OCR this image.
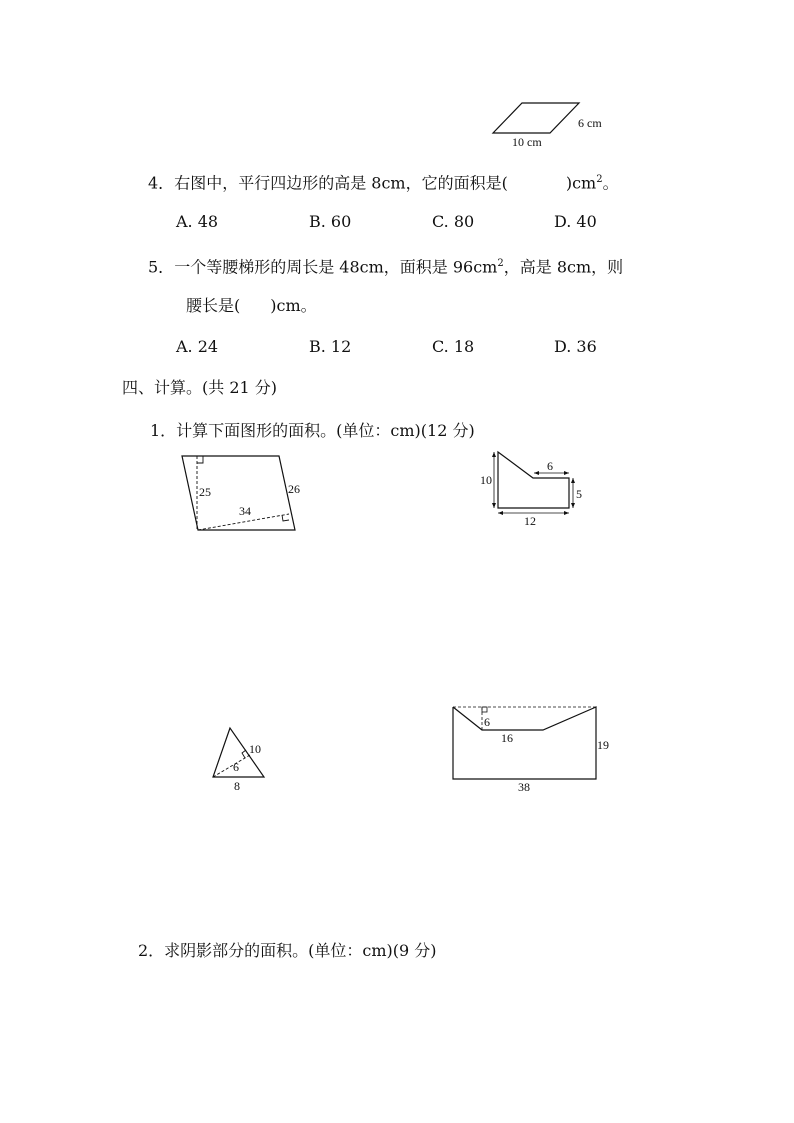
6 cm
10 cm
4．右图中，平行四边形的高是 8cm，它的面积是(	)$cm^2$。
A. 48	B. 60	C. 80	D. 40
5．一个等腰梯形的周长是 48cm，面积是 $96cm^2$，高是 8cm，则
腰长是( )cm。
A. 24	B. 12	C. 18	D. 36
四、计算。(共 21 分)
1．计算下面图形的面积。(单位：cm)(12 分)
25	26
34
10
6
5
12
10
6
8
6
16	19
38
2．求阴影部分的面积。(单位：cm)(9 分)
